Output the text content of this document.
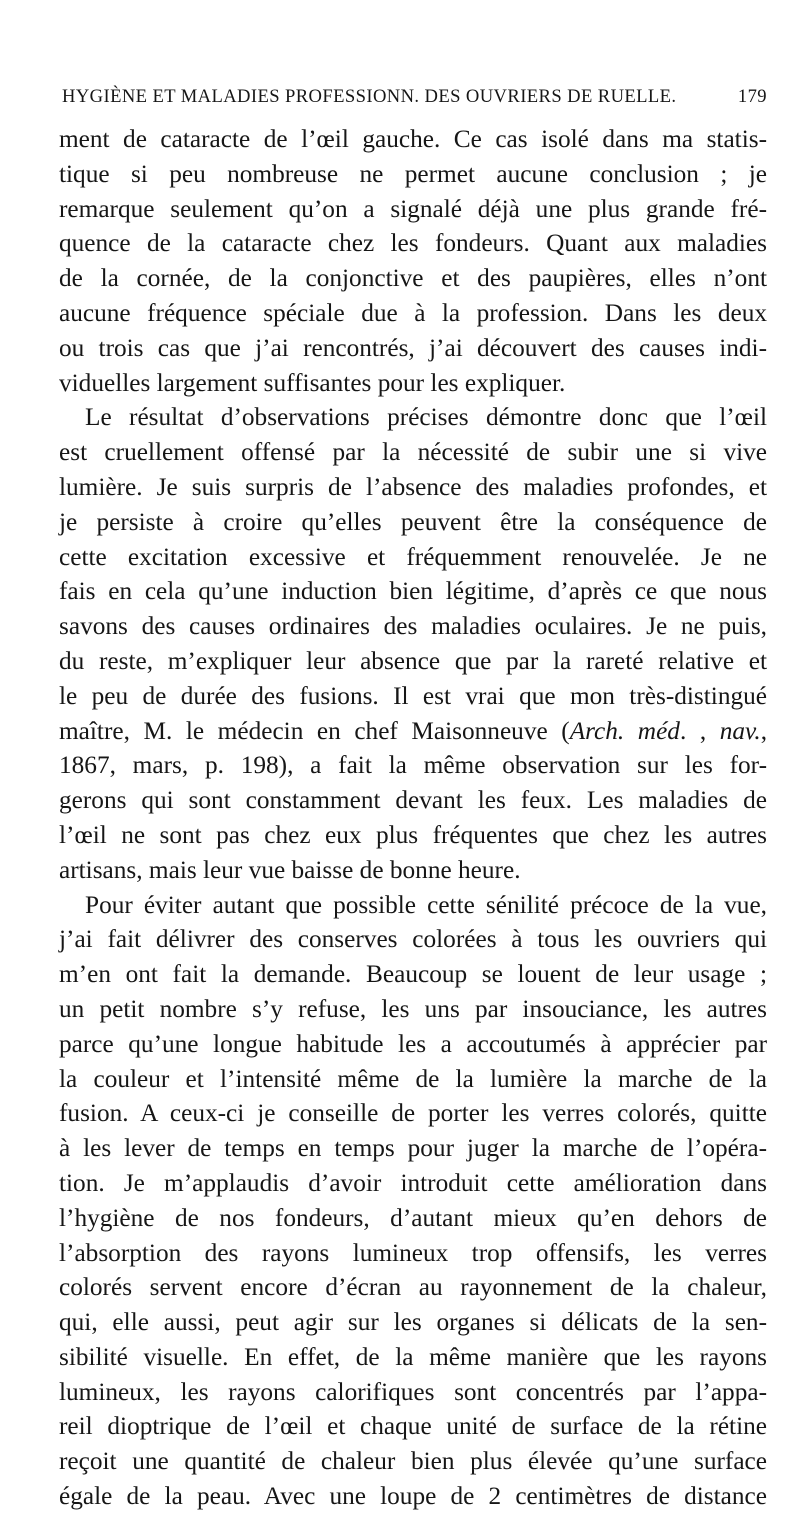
HYGIÈNE ET MALADIES PROFESSIONN. DES OUVRIERS DE RUELLE.	179
ment de cataracte de l’œil gauche. Ce cas isolé dans ma statis-
tique si peu nombreuse ne permet aucune conclusion ; je
remarque seulement qu’on a signalé déjà une plus grande fré-
quence de la cataracte chez les fondeurs. Quant aux maladies
de la cornée, de la conjonctive et des paupières, elles n’ont
aucune fréquence spéciale due à la profession. Dans les deux
ou trois cas que j’ai rencontrés, j’ai découvert des causes indi-
viduelles largement suffisantes pour les expliquer.
Le résultat d’observations précises démontre donc que l’œil
est cruellement offensé par la nécessité de subir une si vive
lumière. Je suis surpris de l’absence des maladies profondes, et
je persiste à croire qu’elles peuvent être la conséquence de
cette excitation excessive et fréquemment renouvelée. Je ne
fais en cela qu’une induction bien légitime, d’après ce que nous
savons des causes ordinaires des maladies oculaires. Je ne puis,
du reste, m’expliquer leur absence que par la rareté relative et
le peu de durée des fusions. Il est vrai que mon très-distingué
maître, M. le médecin en chef Maisonneuve (Arch. méd. , nav.,
1867, mars, p. 198), a fait la même observation sur les for-
gerons qui sont constamment devant les feux. Les maladies de
l’œil ne sont pas chez eux plus fréquentes que chez les autres
artisans, mais leur vue baisse de bonne heure.
Pour éviter autant que possible cette sénilité précoce de la vue,
j’ai fait délivrer des conserves colorées à tous les ouvriers qui
m’en ont fait la demande. Beaucoup se louent de leur usage ;
un petit nombre s’y refuse, les uns par insouciance, les autres
parce qu’une longue habitude les a accoutumés à apprécier par
la couleur et l’intensité même de la lumière la marche de la
fusion. A ceux-ci je conseille de porter les verres colorés, quitte
à les lever de temps en temps pour juger la marche de l’opéra-
tion. Je m’applaudis d’avoir introduit cette amélioration dans
l’hygiène de nos fondeurs, d’autant mieux qu’en dehors de
l’absorption des rayons lumineux trop offensifs, les verres
colorés servent encore d’écran au rayonnement de la chaleur,
qui, elle aussi, peut agir sur les organes si délicats de la sen-
sibilité visuelle. En effet, de la même manière que les rayons
lumineux, les rayons calorifiques sont concentrés par l’appa-
reil dioptrique de l’œil et chaque unité de surface de la rétine
reçoit une quantité de chaleur bien plus élevée qu’une surface
égale de la peau. Avec une loupe de 2 centimètres de distance
